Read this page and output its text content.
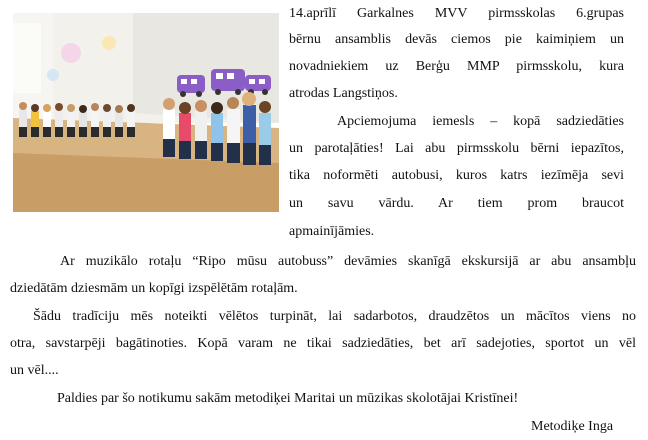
14.aprīlī Garkalnes MVV pirmsskolas 6.grupas

bērnu ansamblis devās ciemos pie kaimiņiem un

novadniekiem uz Berģu MMP pirmsskolu, kura

atrodas Langstiņos.

Apciemojuma iemesls – kopā sadziedāties

un parotaļāties! Lai abu pirmsskolu bērni iepazītos,

tika noformēti autobusi, kuros katrs iezīmēja sevi

un savu vārdu. Ar tiem prom braucot

apmainījāmies.

Ar muzikālo rotaļu “Ripo mūsu autobuss” devāmies skanīgā ekskursijā ar abu ansambļu

dziedātām dziesmām un kopīgi izspēlētām rotaļām.

Šādu tradīciju mēs noteikti vēlētos turpināt, lai sadarbotos, draudzētos un mācītos viens no

otra, savstarpēji bagātinoties. Kopā varam ne tikai sadziedāties, bet arī sadejoties, sportot un vēl

un vēl....

Paldies par šo notikumu sakām metodiķei Maritai un mūzikas skolotājai Kristīnei!

Metodiķe Inga
